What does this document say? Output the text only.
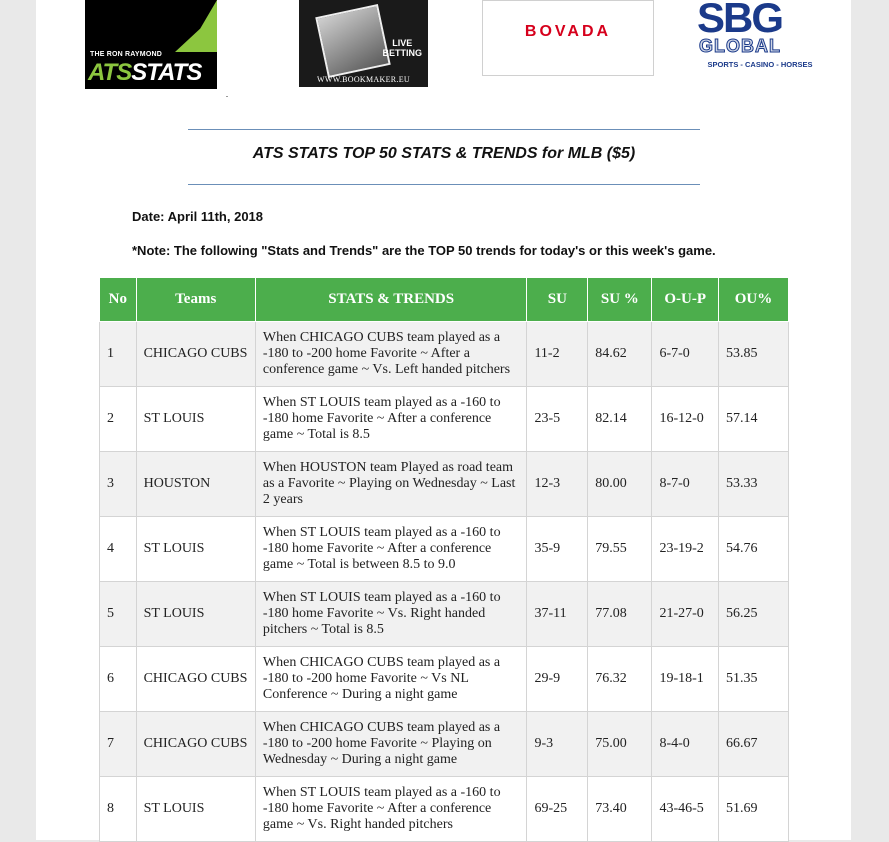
THE RON RAYMOND
ATSSTATS
LIVE
BETTING
WWW.BOOKMAKER.EU
BOVADA	SBG
GLOBAL
SPORTS - CASINO - HORSES
ATS STATS TOP 50 STATS & TRENDS for MLB ($5)
Date: April 11th, 2018
*Note: The following "Stats and Trends" are the TOP 50 trends for today's or this week's game.
No	Teams	STATS & TRENDS	SU	SU %	O-U-P	OU%
1	CHICAGO CUBS	When CHICAGO CUBS team played as a -180 to -200 home Favorite ~ After a conference game ~ Vs. Left handed pitchers	11-2	84.62	6-7-0	53.85
2	ST LOUIS	When ST LOUIS team played as a -160 to -180 home Favorite ~ After a conference game ~ Total is 8.5	23-5	82.14	16-12-0	57.14
3	HOUSTON	When HOUSTON team Played as road team as a Favorite ~ Playing on Wednesday ~ Last 2 years	12-3	80.00	8-7-0	53.33
4	ST LOUIS	When ST LOUIS team played as a -160 to -180 home Favorite ~ After a conference game ~ Total is between 8.5 to 9.0	35-9	79.55	23-19-2	54.76
5	ST LOUIS	When ST LOUIS team played as a -160 to -180 home Favorite ~ Vs. Right handed pitchers ~ Total is 8.5	37-11	77.08	21-27-0	56.25
6	CHICAGO CUBS	When CHICAGO CUBS team played as a -180 to -200 home Favorite ~ Vs NL Conference ~ During a night game	29-9	76.32	19-18-1	51.35
7	CHICAGO CUBS	When CHICAGO CUBS team played as a -180 to -200 home Favorite ~ Playing on Wednesday ~ During a night game	9-3	75.00	8-4-0	66.67
8	ST LOUIS	When ST LOUIS team played as a -160 to -180 home Favorite ~ After a conference game ~ Vs. Right handed pitchers	69-25	73.40	43-46-5	51.69
